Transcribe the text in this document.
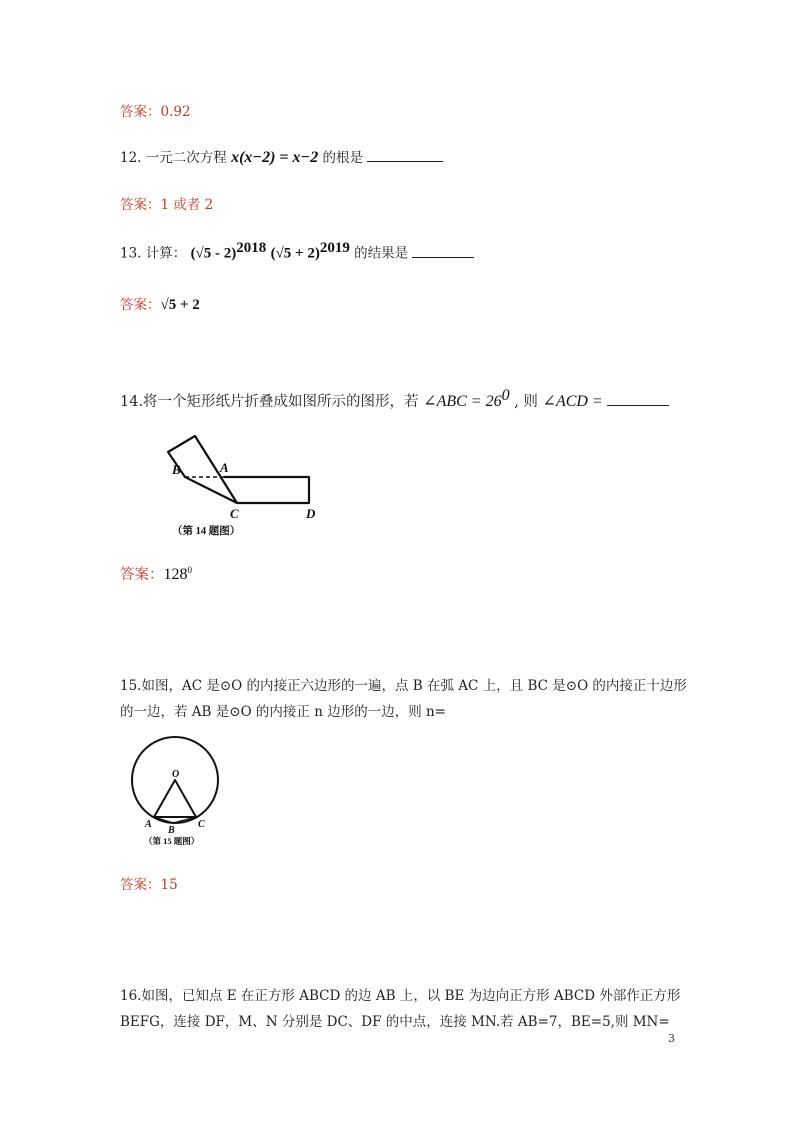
答案：0.92
12. 一元二次方程 x(x−2) = x−2 的根是
答案：1 或者 2
13. 计算： (√5 - 2)$^{2018}$ $(√5 + 2)^{2019}$ 的结果是
答案：√5 + 2
14.将一个矩形纸片折叠成如图所示的图形，若 ∠ABC = $26^0$ , 则 ∠ACD =
B	A
C	D
（第 14 题图）
答案：$128^0$
15.如图，AC 是⊙O 的内接正六边形的一遍，点 B 在弧 AC 上，且 BC 是⊙O 的内接正十边形
的一边，若 AB 是⊙O 的内接正 n 边形的一边，则 n=
O
A
B
C
（第 15 题图）
答案：15
16.如图，已知点 E 在正方形 ABCD 的边 AB 上，以 BE 为边向正方形 ABCD 外部作正方形
BEFG，连接 DF，M、N 分别是 DC、DF 的中点，连接 MN.若 AB=7，BE=5,则 MN=
3
